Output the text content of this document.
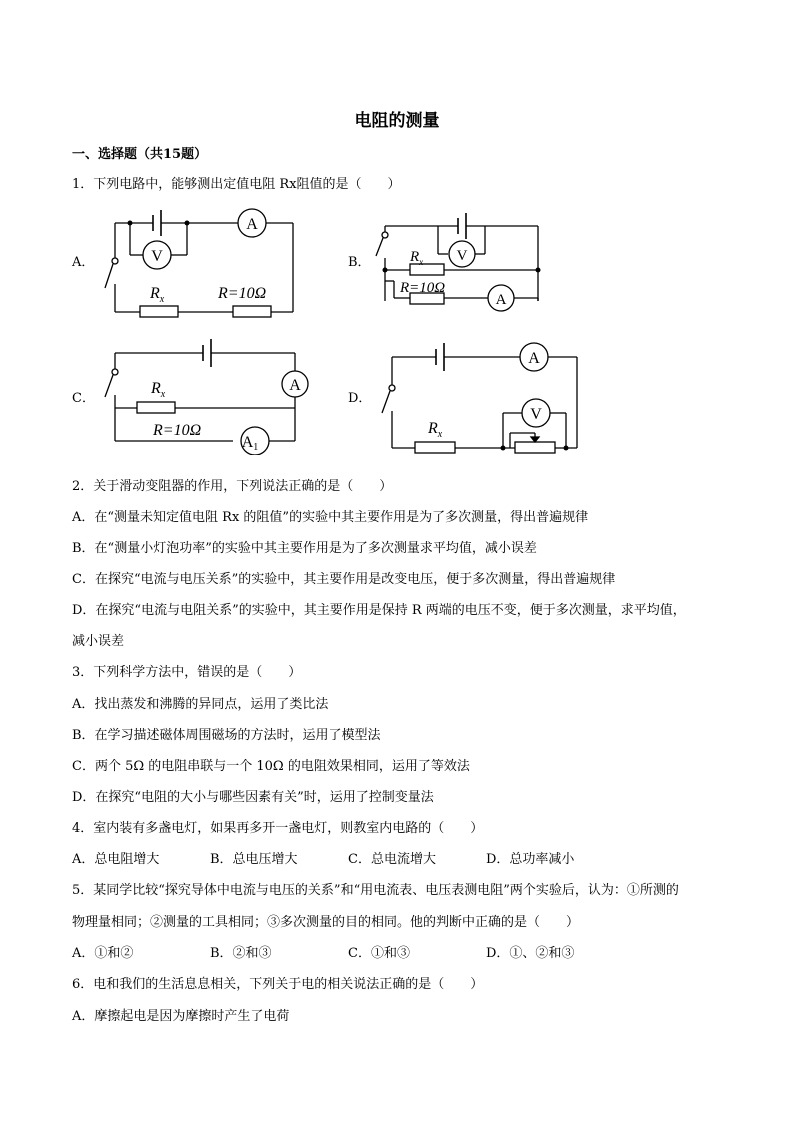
电阻的测量
一、选择题（共15题）
1．下列电路中，能够测出定值电阻 Rx阻值的是（　　）
A．
A
V
$R_x$	R=10Ω
B．	V
A
$R_x$
R=10Ω
C．
A
A1
$R_x$
R=10Ω
D．
A
V
$R_x$
2．关于滑动变阻器的作用，下列说法正确的是（　　）
A．在“测量未知定值电阻 Rx 的阻值”的实验中其主要作用是为了多次测量，得出普遍规律
B．在“测量小灯泡功率”的实验中其主要作用是为了多次测量求平均值，减小误差
C．在探究“电流与电压关系”的实验中，其主要作用是改变电压，便于多次测量，得出普遍规律
D．在探究“电流与电阻关系”的实验中，其主要作用是保持 R 两端的电压不变，便于多次测量，求平均值，
减小误差
3．下列科学方法中，错误的是（　　）
A．找出蒸发和沸腾的异同点，运用了类比法
B．在学习描述磁体周围磁场的方法时，运用了模型法
C．两个 5Ω 的电阻串联与一个 10Ω 的电阻效果相同，运用了等效法
D．在探究“电阻的大小与哪些因素有关”时，运用了控制变量法
4．室内装有多盏电灯，如果再多开一盏电灯，则教室内电路的（　　）
A．总电阻增大	B．总电压增大	C．总电流增大	D．总功率减小
5．某同学比较“探究导体中电流与电压的关系”和“用电流表、电压表测电阻”两个实验后，认为：①所测的
物理量相同；②测量的工具相同；③多次测量的目的相同。他的判断中正确的是（　　）
A．①和②	B．②和③	C．①和③	D．①、②和③
6．电和我们的生活息息相关，下列关于电的相关说法正确的是（　　）
A．摩擦起电是因为摩擦时产生了电荷
